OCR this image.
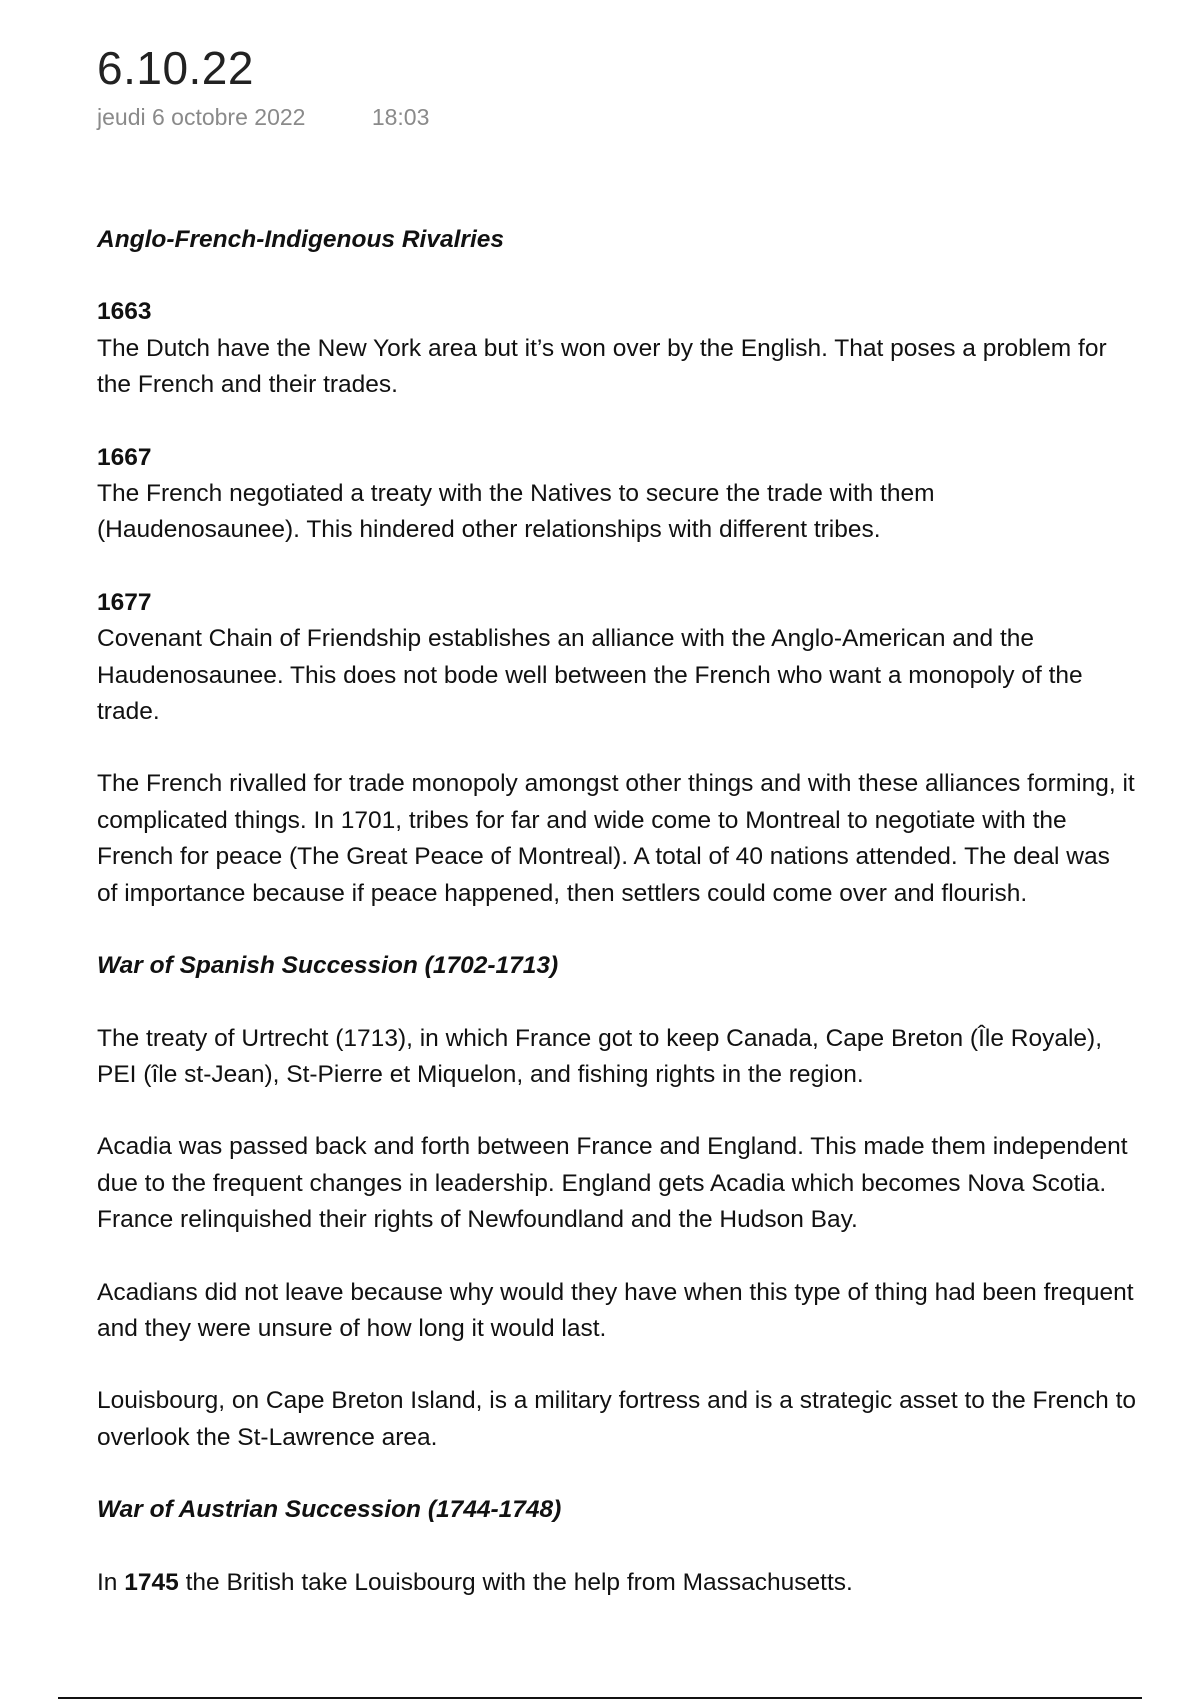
6.10.22
jeudi 6 octobre 2022	18:03

Anglo-French-Indigenous Rivalries

1663

The Dutch have the New York area but it’s won over by the English. That poses a problem for the French and their trades.

1667

The French negotiated a treaty with the Natives to secure the trade with them (Haudenosaunee). This hindered other relationships with different tribes.

1677

Covenant Chain of Friendship establishes an alliance with the Anglo-American and the Haudenosaunee. This does not bode well between the French who want a monopoly of the trade.

The French rivalled for trade monopoly amongst other things and with these alliances forming, it complicated things. In 1701, tribes for far and wide come to Montreal to negotiate with the French for peace (The Great Peace of Montreal). A total of 40 nations attended. The deal was of importance because if peace happened, then settlers could come over and flourish.

War of Spanish Succession (1702-1713)

The treaty of Urtrecht (1713), in which France got to keep Canada, Cape Breton (Île Royale), PEI (île st-Jean), St-Pierre et Miquelon, and fishing rights in the region.

Acadia was passed back and forth between France and England. This made them independent due to the frequent changes in leadership. England gets Acadia which becomes Nova Scotia. France relinquished their rights of Newfoundland and the Hudson Bay.

Acadians did not leave because why would they have when this type of thing had been frequent and they were unsure of how long it would last.

Louisbourg, on Cape Breton Island, is a military fortress and is a strategic asset to the French to overlook the St-Lawrence area.

War of Austrian Succession (1744-1748)

In 1745 the British take Louisbourg with the help from Massachusetts.
